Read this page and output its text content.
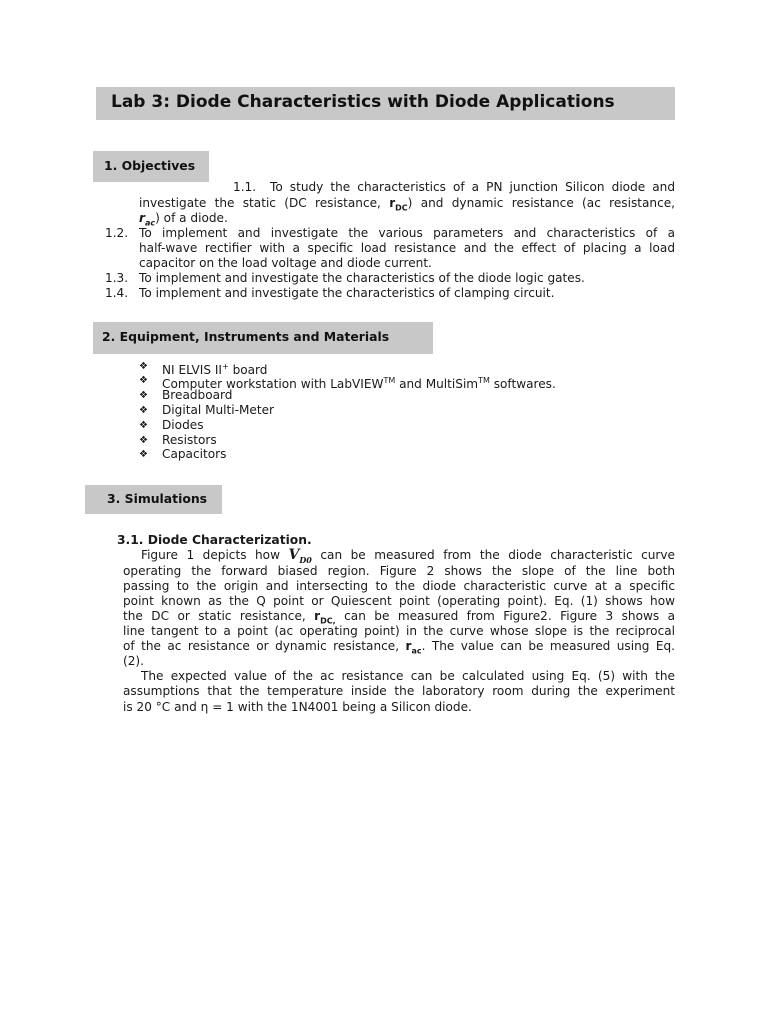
Lab 3: Diode Characteristics with Diode Applications
1. Objectives
1.1. To study the characteristics of a PN junction Silicon diode and
investigate the static (DC resistance, $r_{DC}$) and dynamic resistance (ac resistance,
$r_{ac}$) of a diode.
1.2. To implement and investigate the various parameters and characteristics of a
half-wave rectifier with a specific load resistance and the effect of placing a load
capacitor on the load voltage and diode current.
1.3. To implement and investigate the characteristics of the diode logic gates.
1.4. To implement and investigate the characteristics of clamping circuit.
2. Equipment, Instruments and Materials
❖ NI ELVIS II+ board
❖ Computer workstation with LabVIEW™ and MultiSim™ softwares.
❖ Breadboard
❖ Digital Multi-Meter
❖ Diodes
❖ Resistors
❖ Capacitors
3. Simulations
3.1. Diode Characterization.
Figure 1 depicts how $V_{D0}$ can be measured from the diode characteristic curve
operating the forward biased region. Figure 2 shows the slope of the line both
passing to the origin and intersecting to the diode characteristic curve at a specific
point known as the Q point or Quiescent point (operating point). Eq. (1) shows how
the DC or static resistance, $r_{DC,}$ can be measured from Figure2. Figure 3 shows a
line tangent to a point (ac operating point) in the curve whose slope is the reciprocal
of the ac resistance or dynamic resistance, $r_{ac}$. The value can be measured using Eq.
(2).
The expected value of the ac resistance can be calculated using Eq. (5) with the
assumptions that the temperature inside the laboratory room during the experiment
is 20 °C and η = 1 with the 1N4001 being a Silicon diode.
